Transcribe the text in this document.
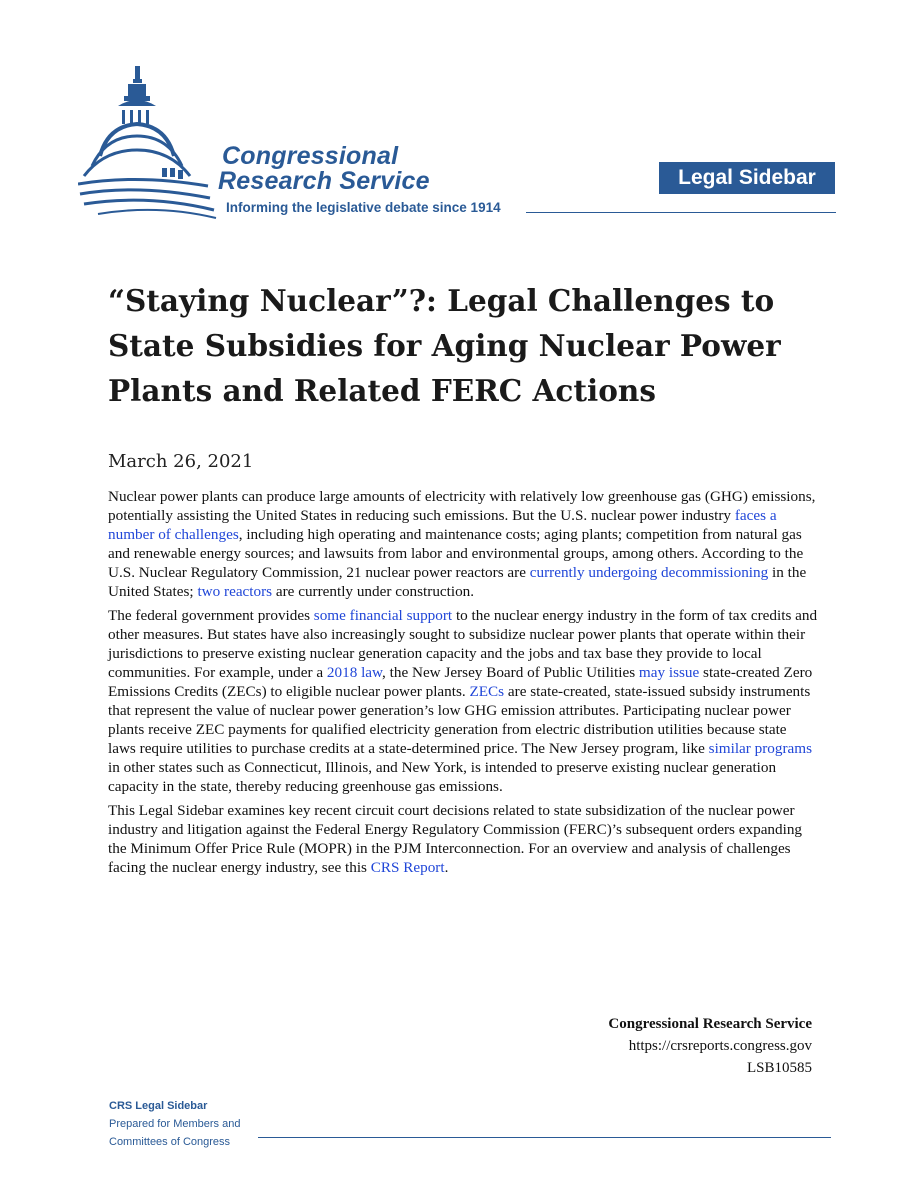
Congressional
Research Service
Informing the legislative debate since 1914
Legal Sidebar
“Staying Nuclear”?: Legal Challenges to State Subsidies for Aging Nuclear Power Plants and Related FERC Actions
March 26, 2021

Nuclear power plants can produce large amounts of electricity with relatively low greenhouse gas (GHG) emissions, potentially assisting the United States in reducing such emissions. But the U.S. nuclear power industry faces a number of challenges, including high operating and maintenance costs; aging plants; competition from natural gas and renewable energy sources; and lawsuits from labor and environmental groups, among others. According to the U.S. Nuclear Regulatory Commission, 21 nuclear power reactors are currently undergoing decommissioning in the United States; two reactors are currently under construction.

The federal government provides some financial support to the nuclear energy industry in the form of tax credits and other measures. But states have also increasingly sought to subsidize nuclear power plants that operate within their jurisdictions to preserve existing nuclear generation capacity and the jobs and tax base they provide to local communities. For example, under a 2018 law, the New Jersey Board of Public Utilities may issue state-created Zero Emissions Credits (ZECs) to eligible nuclear power plants. ZECs are state-created, state-issued subsidy instruments that represent the value of nuclear power generation’s low GHG emission attributes. Participating nuclear power plants receive ZEC payments for qualified electricity generation from electric distribution utilities because state laws require utilities to purchase credits at a state-determined price. The New Jersey program, like similar programs in other states such as Connecticut, Illinois, and New York, is intended to preserve existing nuclear generation capacity in the state, thereby reducing greenhouse gas emissions.

This Legal Sidebar examines key recent circuit court decisions related to state subsidization of the nuclear power industry and litigation against the Federal Energy Regulatory Commission (FERC)’s subsequent orders expanding the Minimum Offer Price Rule (MOPR) in the PJM Interconnection. For an overview and analysis of challenges facing the nuclear energy industry, see this CRS Report.

Congressional Research Service
https://crsreports.congress.gov
LSB10585
CRS Legal Sidebar
Prepared for Members and
Committees of Congress
